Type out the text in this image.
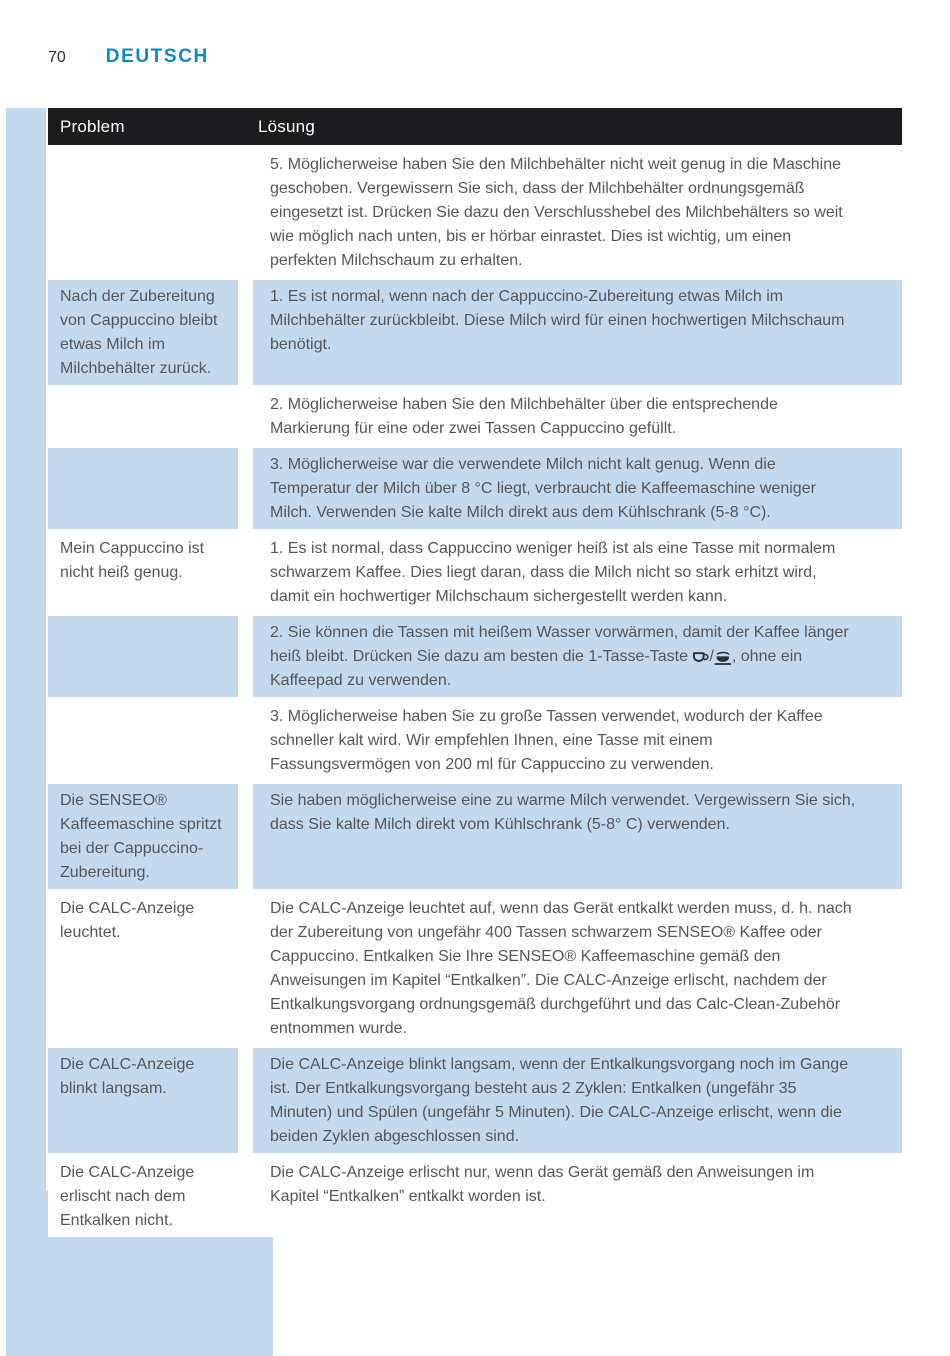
70 DEUTSCH
Problem	Lösung
5. Möglicherweise haben Sie den Milchbehälter nicht weit genug in die Maschine geschoben. Vergewissern Sie sich, dass der Milchbehälter ordnungsgemäß eingesetzt ist. Drücken Sie dazu den Verschlusshebel des Milchbehälters so weit wie möglich nach unten, bis er hörbar einrastet. Dies ist wichtig, um einen perfekten Milchschaum zu erhalten.
Nach der Zubereitung von Cappuccino bleibt etwas Milch im Milchbehälter zurück.
1. Es ist normal, wenn nach der Cappuccino-Zubereitung etwas Milch im Milchbehälter zurückbleibt. Diese Milch wird für einen hochwertigen Milchschaum benötigt.
2. Möglicherweise haben Sie den Milchbehälter über die entsprechende Markierung für eine oder zwei Tassen Cappuccino gefüllt.
3. Möglicherweise war die verwendete Milch nicht kalt genug. Wenn die Temperatur der Milch über 8 °C liegt, verbraucht die Kaffeemaschine weniger Milch. Verwenden Sie kalte Milch direkt aus dem Kühlschrank (5-8 °C).
Mein Cappuccino ist nicht heiß genug.
1. Es ist normal, dass Cappuccino weniger heiß ist als eine Tasse mit normalem schwarzem Kaffee. Dies liegt daran, dass die Milch nicht so stark erhitzt wird, damit ein hochwertiger Milchschaum sichergestellt werden kann.
2. Sie können die Tassen mit heißem Wasser vorwärmen, damit der Kaffee länger heiß bleibt. Drücken Sie dazu am besten die 1-Tasse-Taste / , ohne ein Kaffeepad zu verwenden.
3. Möglicherweise haben Sie zu große Tassen verwendet, wodurch der Kaffee schneller kalt wird. Wir empfehlen Ihnen, eine Tasse mit einem Fassungsvermögen von 200 ml für Cappuccino zu verwenden.
Die SENSEO® Kaffeemaschine spritzt bei der Cappuccino-Zubereitung.
Sie haben möglicherweise eine zu warme Milch verwendet. Vergewissern Sie sich, dass Sie kalte Milch direkt vom Kühlschrank (5-8° C) verwenden.
Die CALC-Anzeige leuchtet.
Die CALC-Anzeige leuchtet auf, wenn das Gerät entkalkt werden muss, d. h. nach der Zubereitung von ungefähr 400 Tassen schwarzem SENSEO® Kaffee oder Cappuccino. Entkalken Sie Ihre SENSEO® Kaffeemaschine gemäß den Anweisungen im Kapitel “Entkalken”. Die CALC-Anzeige erlischt, nachdem der Entkalkungsvorgang ordnungsgemäß durchgeführt und das Calc-Clean-Zubehör entnommen wurde.
Die CALC-Anzeige blinkt langsam.
Die CALC-Anzeige blinkt langsam, wenn der Entkalkungsvorgang noch im Gange ist. Der Entkalkungsvorgang besteht aus 2 Zyklen: Entkalken (ungefähr 35 Minuten) und Spülen (ungefähr 5 Minuten). Die CALC-Anzeige erlischt, wenn die beiden Zyklen abgeschlossen sind.
Die CALC-Anzeige erlischt nach dem Entkalken nicht.
Die CALC-Anzeige erlischt nur, wenn das Gerät gemäß den Anweisungen im Kapitel “Entkalken” entkalkt worden ist.
